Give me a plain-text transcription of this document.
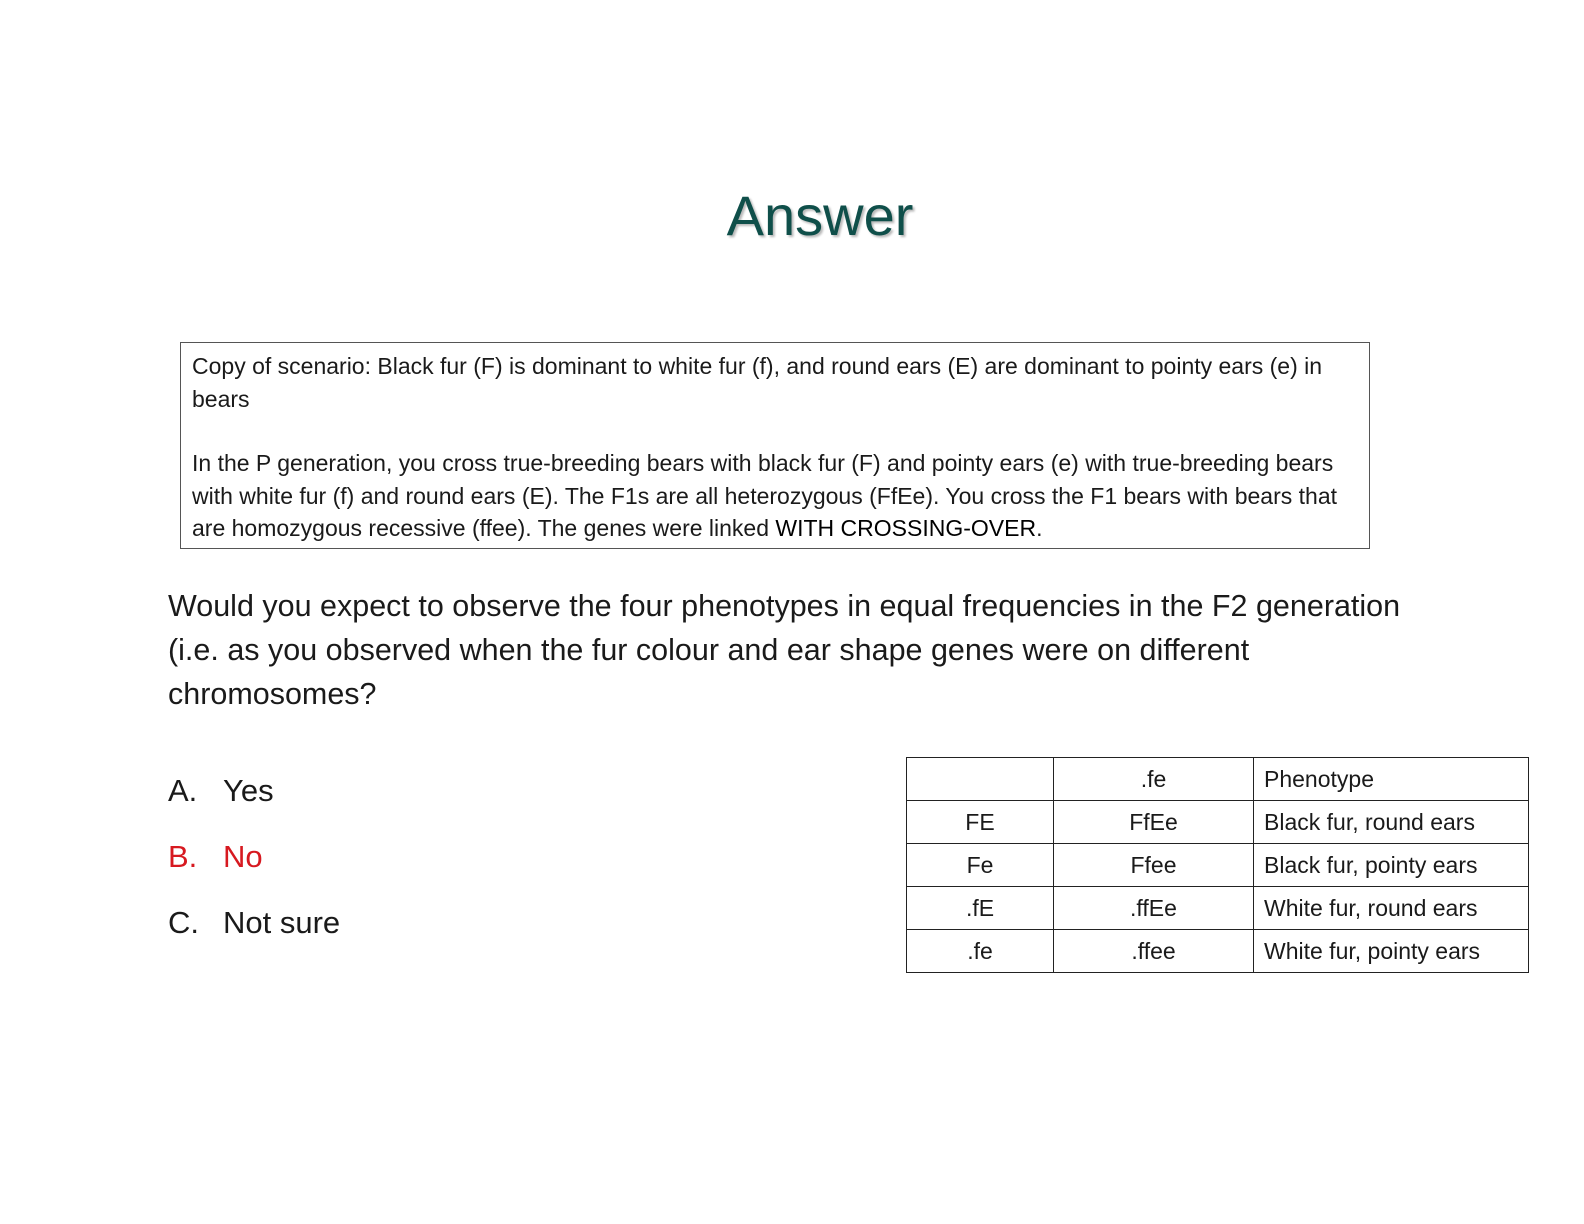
Answer

Copy of scenario: Black fur (F) is dominant to white fur (f), and round ears (E) are dominant to pointy ears (e) in bears

In the P generation, you cross true-breeding bears with black fur (F) and pointy ears (e) with true-breeding bears with white fur (f) and round ears (E). The F1s are all heterozygous (FfEe). You cross the F1 bears with bears that are homozygous recessive (ffee). The genes were linked WITH CROSSING-OVER.

Would you expect to observe the four phenotypes in equal frequencies in the F2 generation (i.e. as you observed when the fur colour and ear shape genes were on different chromosomes?
A. Yes
B. No
C. Not sure
	.fe	Phenotype
FE	FfEe	Black fur, round ears
Fe	Ffee	Black fur, pointy ears
.fE	.ffEe	White fur, round ears
.fe	.ffee	White fur, pointy ears
